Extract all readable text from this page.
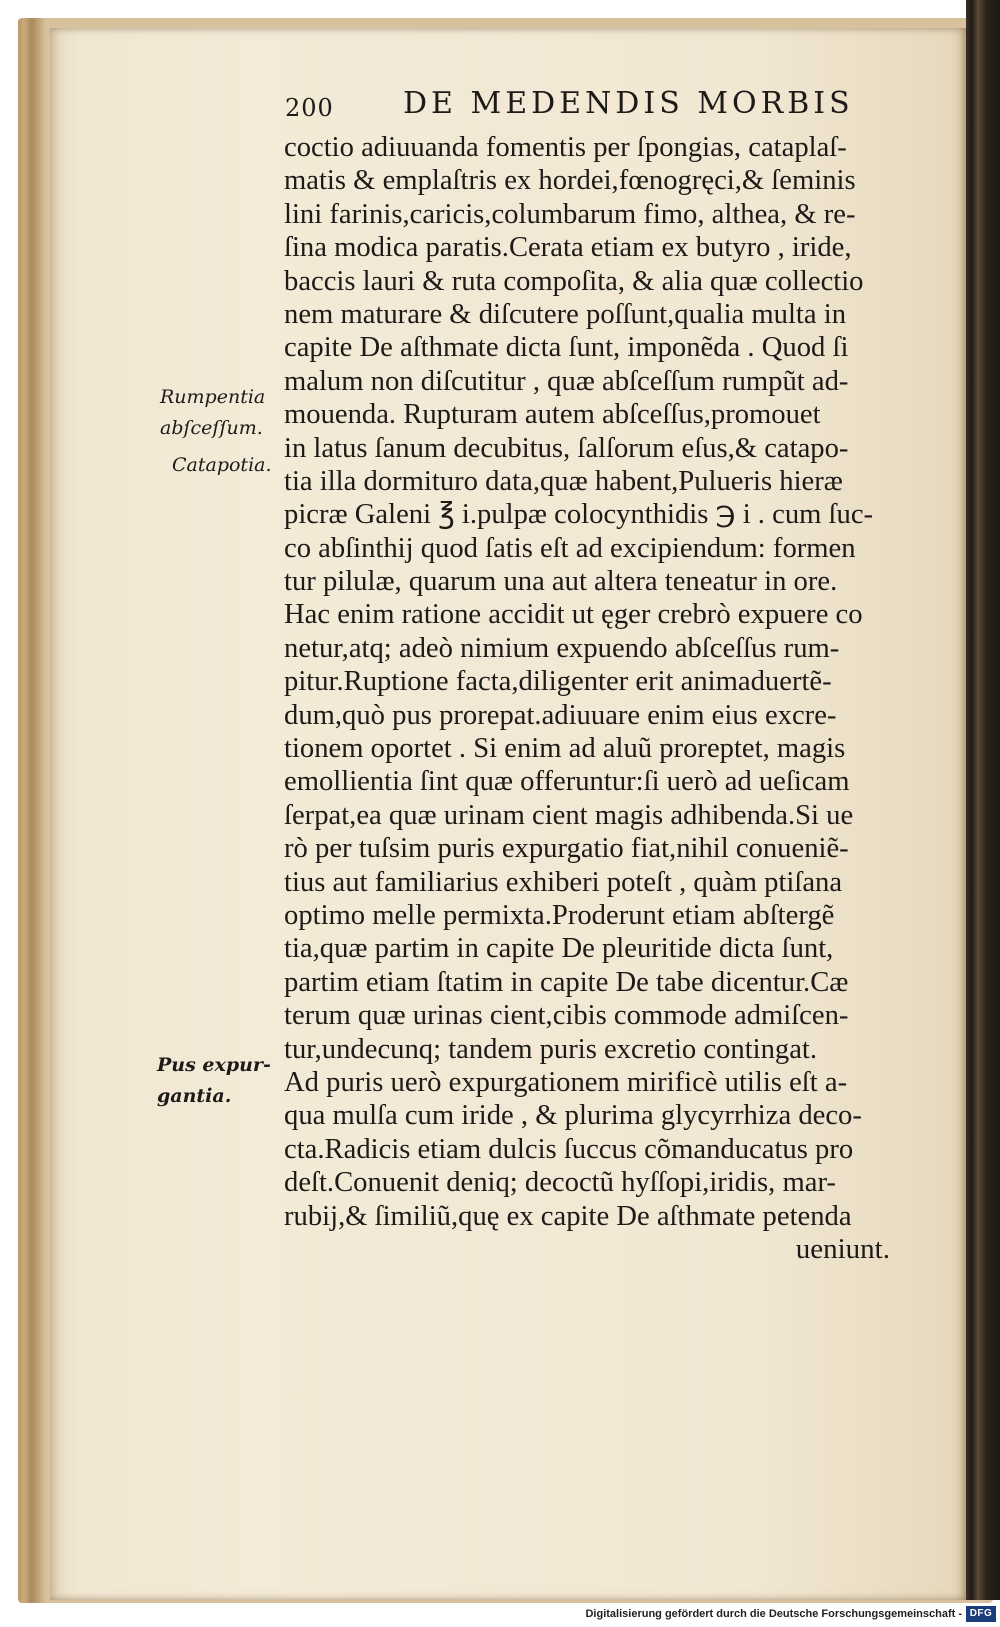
200 DE MEDENDIS MORBIS
Rumpentia
abſceſſum.
Catapotia.
Pus expur-
gantia.
coctio adiuuanda fomentis per ſpongias, cataplaſ-
matis & emplaſtris ex hordei,fœnogręci,& ſeminis
lini farinis,caricis,columbarum fimo, althea, & re-
ſina modica paratis.Cerata etiam ex butyro , iride,
baccis lauri & ruta compoſita, & alia quæ collectio
nem maturare & diſcutere poſſunt,qualia multa in
capite De aſthmate dicta ſunt, imponẽda . Quod ſi
malum non diſcutitur , quæ abſceſſum rumpũt ad-
mouenda. Rupturam autem abſceſſus,promouet
in latus ſanum decubitus, ſalſorum eſus,& catapo-
tia illa dormituro data,quæ habent,Pulueris hieræ
picræ Galeni ℥ i.pulpæ colocynthidis ℈ i . cum ſuc-
co abſinthij quod ſatis eſt ad excipiendum: formen
tur pilulæ, quarum una aut altera teneatur in ore.
Hac enim ratione accidit ut ęger crebrò expuere co
netur,atq; adeò nimium expuendo abſceſſus rum-
pitur.Ruptione facta,diligenter erit animaduertẽ-
dum,quò pus prorepat.adiuuare enim eius excre-
tionem oportet . Si enim ad aluũ proreptet, magis
emollientia ſint quæ offeruntur:ſi uerò ad ueſicam
ſerpat,ea quæ urinam cient magis adhibenda.Si ue
rò per tuſsim puris expurgatio fiat,nihil conueniẽ-
tius aut familiarius exhiberi poteſt , quàm ptiſana
optimo melle permixta.Proderunt etiam abſtergẽ
tia,quæ partim in capite De pleuritide dicta ſunt,
partim etiam ſtatim in capite De tabe dicentur.Cæ
terum quæ urinas cient,cibis commode admiſcen-
tur,undecunq; tandem puris excretio contingat.
Ad puris uerò expurgationem mirificè utilis eſt a-
qua mulſa cum iride , & plurima glycyrrhiza deco-
cta.Radicis etiam dulcis ſuccus cõmanducatus pro
deſt.Conuenit deniq; decoctũ hyſſopi,iridis, mar-
rubij,& ſimiliũ,quę ex capite De aſthmate petenda
ueniunt.
Digitalisierung gefördert durch die Deutsche Forschungsgemeinschaft - DFG
